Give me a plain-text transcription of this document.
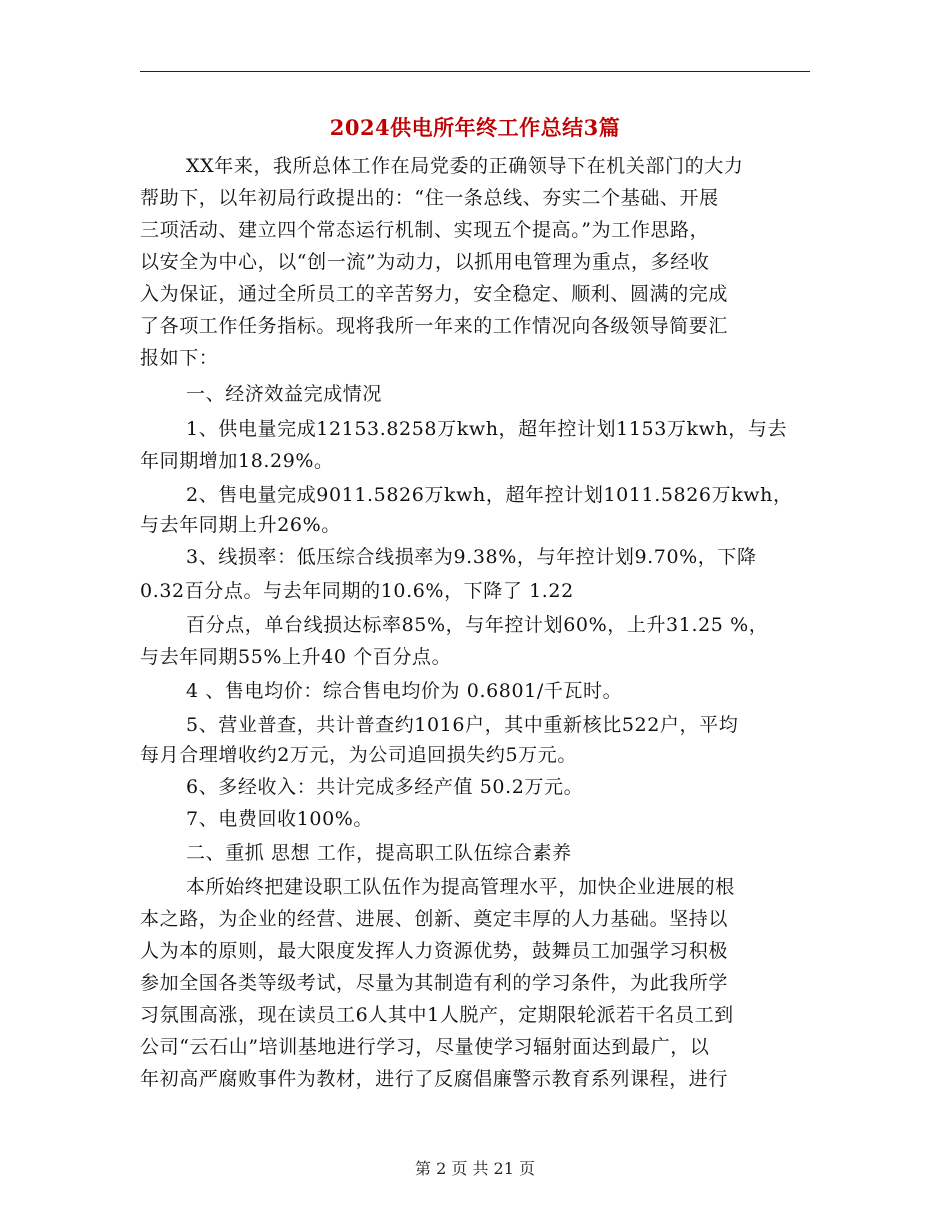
2024供电所年终工作总结3篇
XX年来，我所总体工作在局党委的正确领导下在机关部门的大力
帮助下，以年初局行政提出的：“住一条总线、夯实二个基础、开展
三项活动、建立四个常态运行机制、实现五个提高。”为工作思路，
以安全为中心，以“创一流”为动力，以抓用电管理为重点，多经收
入为保证，通过全所员工的辛苦努力，安全稳定、顺利、圆满的完成
了各项工作任务指标。现将我所一年来的工作情况向各级领导简要汇
报如下：
一、经济效益完成情况
1、供电量完成12153.8258万kwh，超年控计划1153万kwh，与去
年同期增加18.29%。
2、售电量完成9011.5826万kwh，超年控计划1011.5826万kwh，
与去年同期上升26%。
3、线损率：低压综合线损率为9.38%，与年控计划9.70%，下降
0.32百分点。与去年同期的10.6%，下降了 1.22
百分点，单台线损达标率85%，与年控计划60%，上升31.25 %，
与去年同期55%上升40 个百分点。
4 、售电均价：综合售电均价为 0.6801/千瓦时。
5、营业普查，共计普查约1016户，其中重新核比522户，平均
每月合理增收约2万元，为公司追回损失约5万元。
6、多经收入：共计完成多经产值 50.2万元。
7、电费回收100%。
二、重抓 思想 工作，提高职工队伍综合素养
本所始终把建设职工队伍作为提高管理水平，加快企业进展的根
本之路，为企业的经营、进展、创新、奠定丰厚的人力基础。坚持以
人为本的原则，最大限度发挥人力资源优势，鼓舞员工加强学习积极
参加全国各类等级考试，尽量为其制造有利的学习条件，为此我所学
习氛围高涨，现在读员工6人其中1人脱产，定期限轮派若干名员工到
公司“云石山”培训基地进行学习，尽量使学习辐射面达到最广，以
年初高严腐败事件为教材，进行了反腐倡廉警示教育系列课程，进行
第 2 页 共 21 页
